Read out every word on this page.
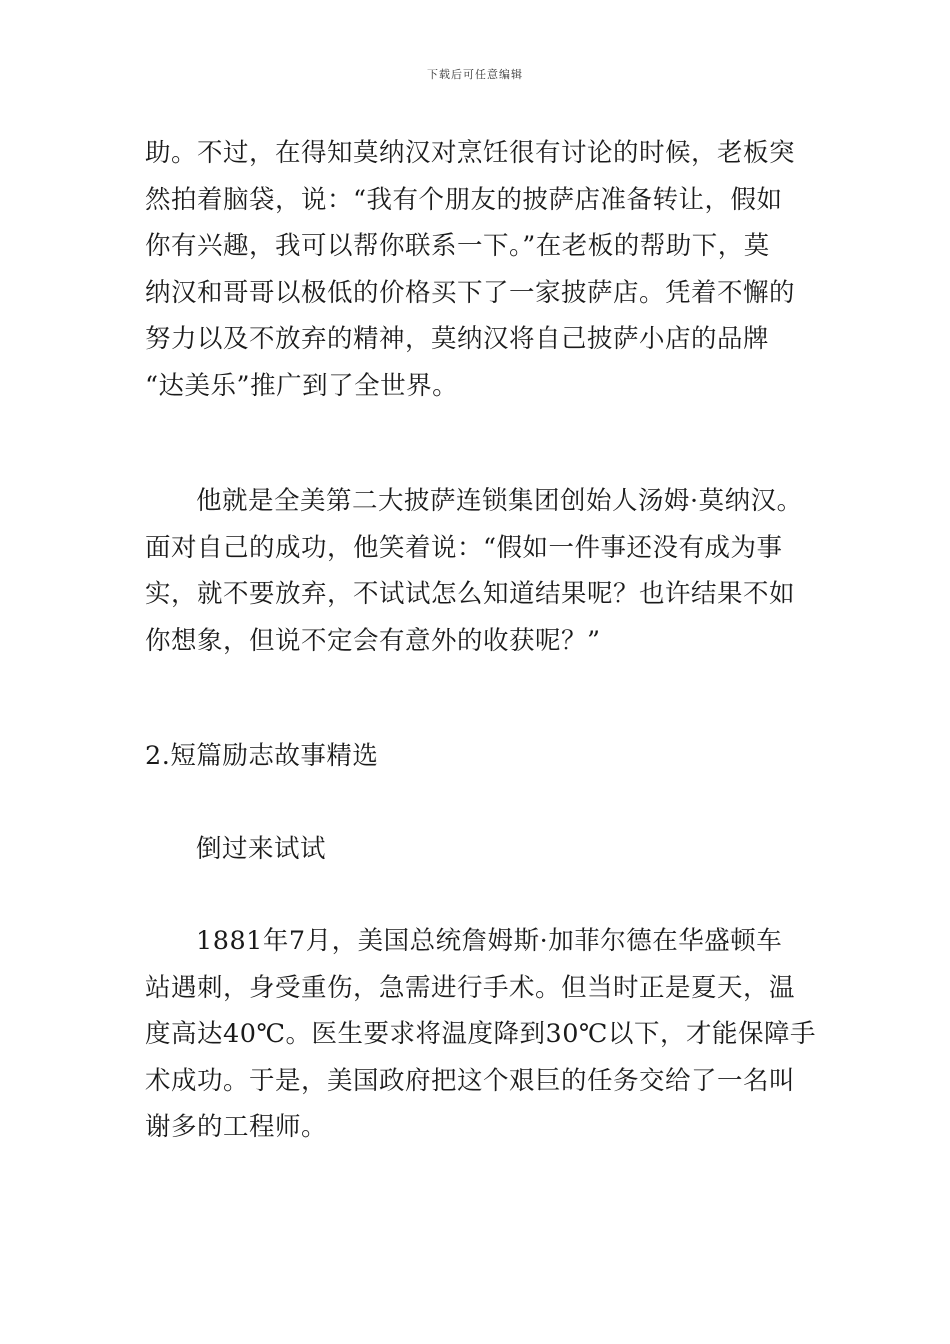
下载后可任意编辑

助。不过，在得知莫纳汉对烹饪很有讨论的时候，老板突
然拍着脑袋，说：“我有个朋友的披萨店准备转让，假如
你有兴趣，我可以帮你联系一下。”在老板的帮助下，莫
纳汉和哥哥以极低的价格买下了一家披萨店。凭着不懈的
努力以及不放弃的精神，莫纳汉将自己披萨小店的品牌
“达美乐”推广到了全世界。

他就是全美第二大披萨连锁集团创始人汤姆·莫纳汉。
面对自己的成功，他笑着说：“假如一件事还没有成为事
实，就不要放弃，不试试怎么知道结果呢？也许结果不如
你想象，但说不定会有意外的收获呢？”

2.短篇励志故事精选

倒过来试试

1881年7月，美国总统詹姆斯·加菲尔德在华盛顿车
站遇刺，身受重伤，急需进行手术。但当时正是夏天，温
度高达40℃。医生要求将温度降到30℃以下，才能保障手
术成功。于是，美国政府把这个艰巨的任务交给了一名叫
谢多的工程师。
